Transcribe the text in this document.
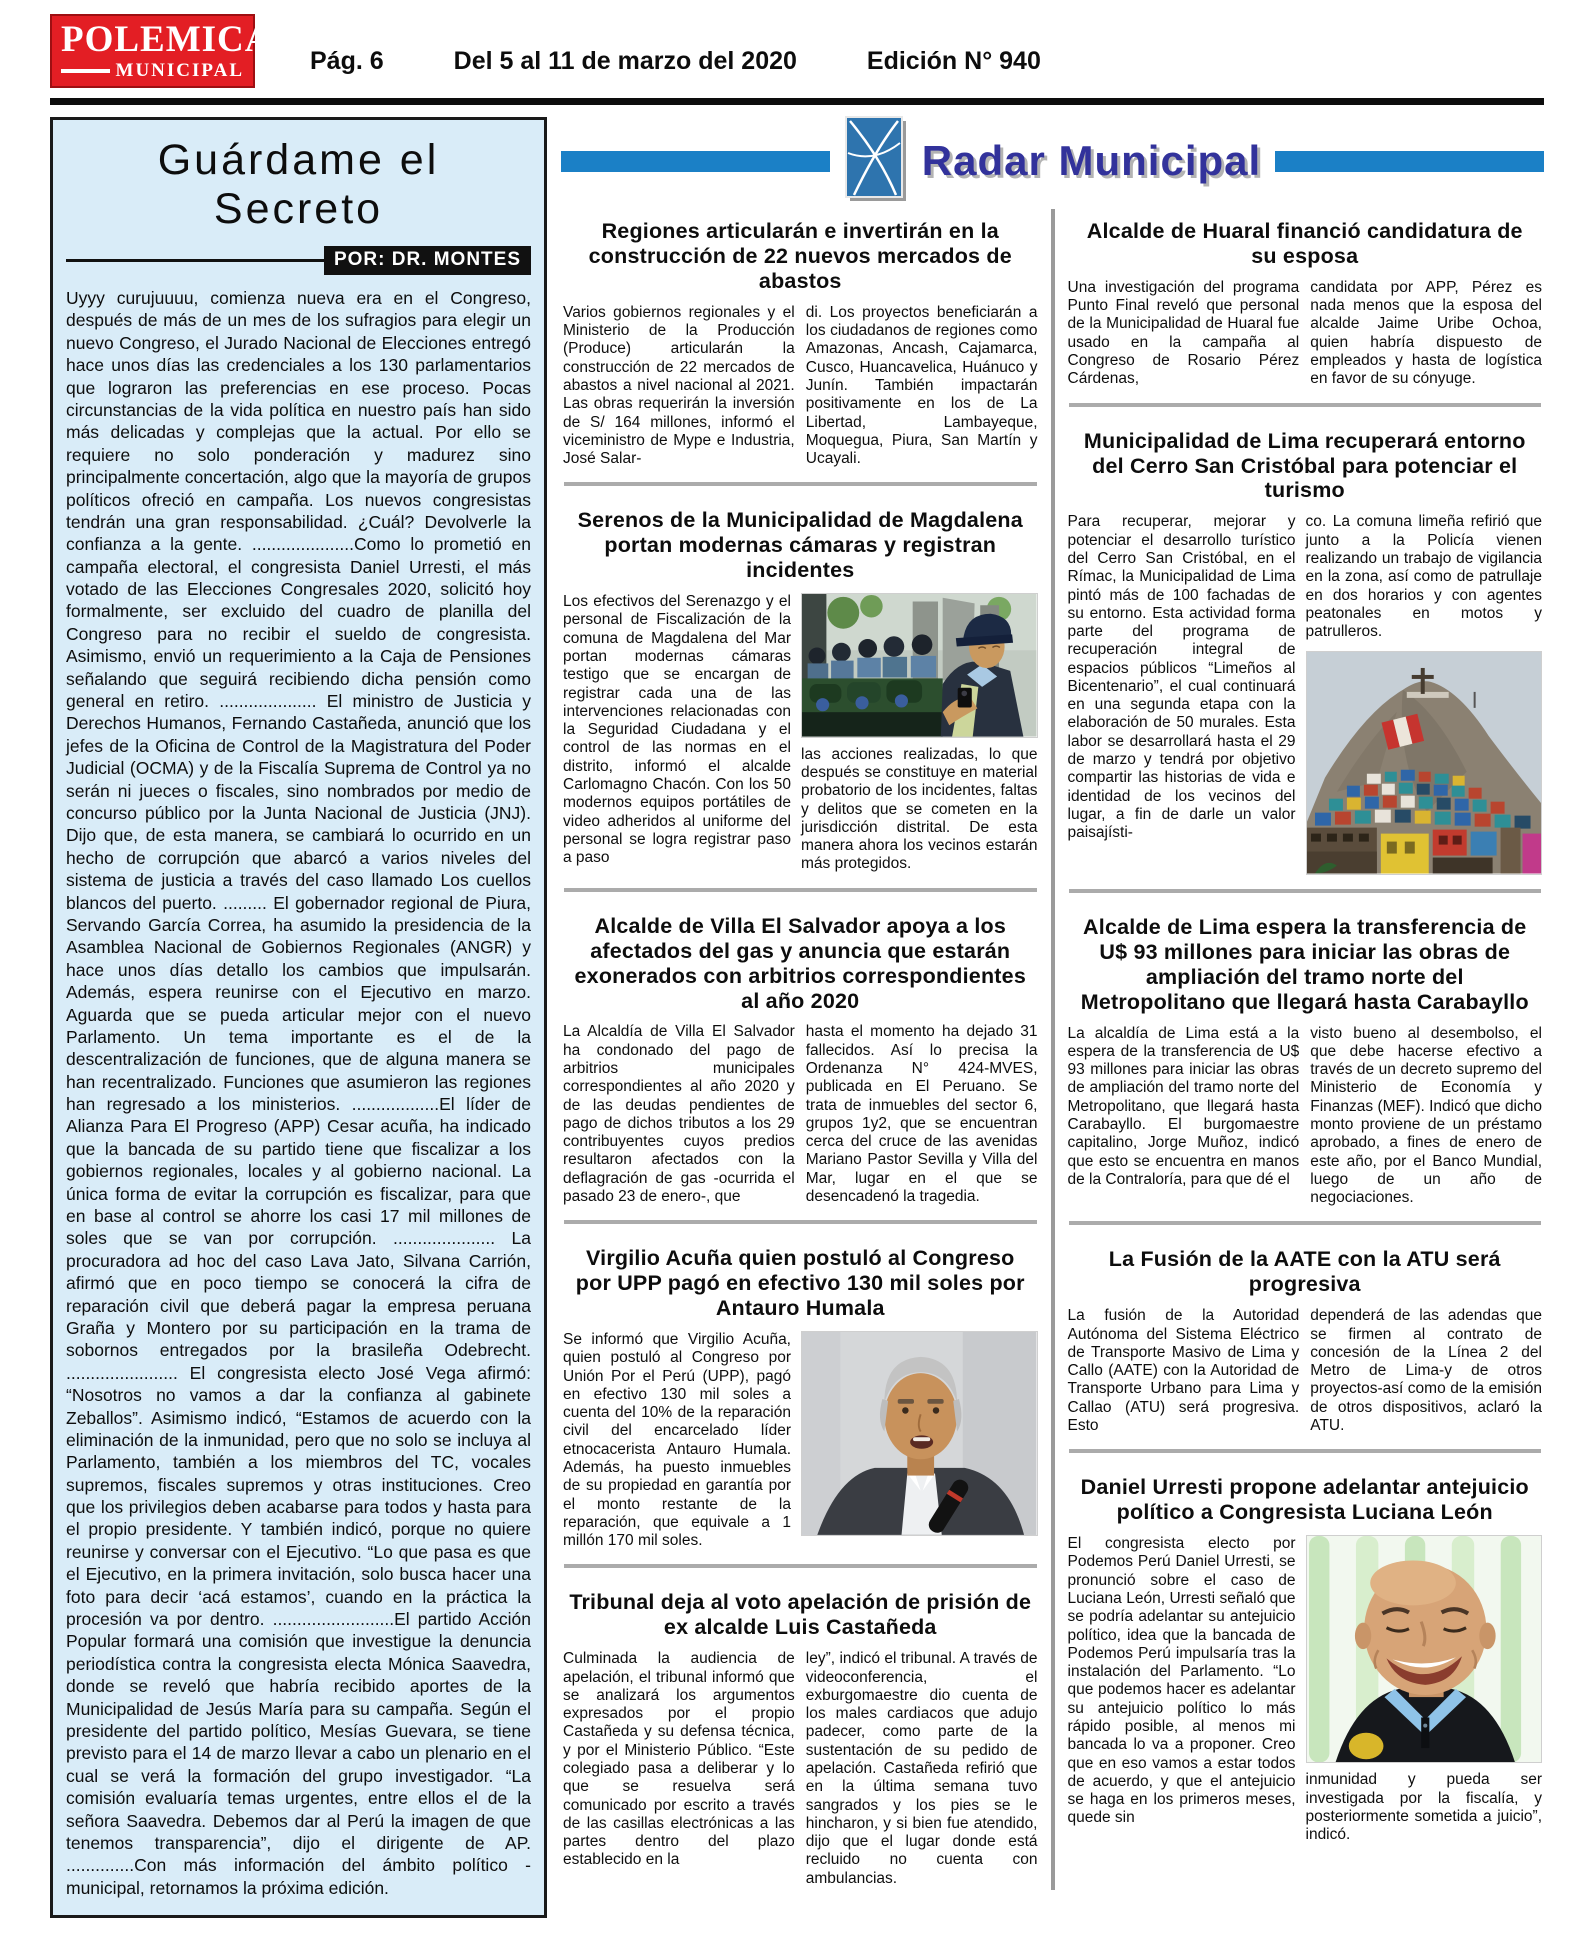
POLEMICA
MUNICIPAL	Pág. 6	Del 5 al 11 de marzo del 2020	Edición N° 940
Guárdame el Secreto
POR: DR. MONTES

Uyyy curujuuuu, comienza nueva era en el Congreso, después de más de un mes de los sufragios para elegir un nuevo Congreso, el Jurado Nacional de Elecciones entregó hace unos días las credenciales a los 130 parlamentarios que lograron las preferencias en ese proceso. Pocas circunstancias de la vida política en nuestro país han sido más delicadas y complejas que la actual. Por ello se requiere no solo ponderación y madurez sino principalmente concertación, algo que la mayoría de grupos políticos ofreció en campaña. Los nuevos congresistas tendrán una gran responsabilidad. ¿Cuál? Devolverle la confianza a la gente. .....................Como lo prometió en campaña electoral, el congresista Daniel Urresti, el más votado de las Elecciones Congresales 2020, solicitó hoy formalmente, ser excluido del cuadro de planilla del Congreso para no recibir el sueldo de congresista. Asimismo, envió un requerimiento a la Caja de Pensiones señalando que seguirá recibiendo dicha pensión como general en retiro. .................... El ministro de Justicia y Derechos Humanos, Fernando Castañeda, anunció que los jefes de la Oficina de Control de la Magistratura del Poder Judicial (OCMA) y de la Fiscalía Suprema de Control ya no serán ni jueces o fiscales, sino nombrados por medio de concurso público por la Junta Nacional de Justicia (JNJ). Dijo que, de esta manera, se cambiará lo ocurrido en un hecho de corrupción que abarcó a varios niveles del sistema de justicia a través del caso llamado Los cuellos blancos del puerto. ......... El gobernador regional de Piura, Servando García Correa, ha asumido la presidencia de la Asamblea Nacional de Gobiernos Regionales (ANGR) y hace unos días detallo los cambios que impulsarán. Además, espera reunirse con el Ejecutivo en marzo. Aguarda que se pueda articular mejor con el nuevo Parlamento. Un tema importante es el de la descentralización de funciones, que de alguna manera se han recentralizado. Funciones que asumieron las regiones han regresado a los ministerios. ..................El líder de Alianza Para El Progreso (APP) Cesar acuña, ha indicado que la bancada de su partido tiene que fiscalizar a los gobiernos regionales, locales y al gobierno nacional. La única forma de evitar la corrupción es fiscalizar, para que en base al control se ahorre los casi 17 mil millones de soles que se van por corrupción. ..................... La procuradora ad hoc del caso Lava Jato, Silvana Carrión, afirmó que en poco tiempo se conocerá la cifra de reparación civil que deberá pagar la empresa peruana Graña y Montero por su participación en la trama de sobornos entregados por la brasileña Odebrecht. ....................... El congresista electo José Vega afirmó: “Nosotros no vamos a dar la confianza al gabinete Zeballos”. Asimismo indicó, “Estamos de acuerdo con la eliminación de la inmunidad, pero que no solo se incluya al Parlamento, también a los miembros del TC, vocales supremos, fiscales supremos y otras instituciones. Creo que los privilegios deben acabarse para todos y hasta para el propio presidente. Y también indicó, porque no quiere reunirse y conversar con el Ejecutivo. “Lo que pasa es que el Ejecutivo, en la primera invitación, solo busca hacer una foto para decir ‘acá estamos’, cuando en la práctica la procesión va por dentro. .........................El partido Acción Popular formará una comisión que investigue la denuncia periodística contra la congresista electa Mónica Saavedra, donde se reveló que habría recibido aportes de la Municipalidad de Jesús María para su campaña. Según el presidente del partido político, Mesías Guevara, se tiene previsto para el 14 de marzo llevar a cabo un plenario en el cual se verá la formación del grupo investigador. “La comisión evaluaría temas urgentes, entre ellos el de la señora Saavedra. Debemos dar al Perú la imagen de que tenemos transparencia”, dijo el dirigente de AP. ..............Con más información del ámbito político - municipal, retornamos la próxima edición.

Radar Municipal
Regiones articularán e invertirán en la construcción de 22 nuevos mercados de abastos

Varios gobiernos regionales y el Ministerio de la Producción (Produce) articularán la construcción de 22 mercados de abastos a nivel nacional al 2021. Las obras requerirán la inversión de S/ 164 millones, informó el viceministro de Mype e Industria, José Salar-

di. Los proyectos beneficiarán a los ciudadanos de regiones como Amazonas, Ancash, Cajamarca, Cusco, Huancavelica, Huánuco y Junín. También impactarán positivamente en los de La Libertad, Lambayeque, Moquegua, Piura, San Martín y Ucayali.

Serenos de la Municipalidad de Magdalena portan modernas cámaras y registran incidentes

Los efectivos del Serenazgo y el personal de Fiscalización de la comuna de Magdalena del Mar portan modernas cámaras testigo que se encargan de registrar cada una de las intervenciones relacionadas con la Seguridad Ciudadana y el control de las normas en el distrito, informó el alcalde Carlomagno Chacón. Con los 50 modernos equipos portátiles de video adheridos al uniforme del personal se logra registrar paso a paso

las acciones realizadas, lo que después se constituye en material probatorio de los incidentes, faltas y delitos que se cometen en la jurisdicción distrital. De esta manera ahora los vecinos estarán más protegidos.

Alcalde de Villa El Salvador apoya a los afectados del gas y anuncia que estarán exonerados con arbitrios correspondientes al año 2020

La Alcaldía de Villa El Salvador ha condonado del pago de arbitrios municipales correspondientes al año 2020 y de las deudas pendientes de pago de dichos tributos a los 29 contribuyentes cuyos predios resultaron afectados con la deflagración de gas -ocurrida el pasado 23 de enero-, que

hasta el momento ha dejado 31 fallecidos. Así lo precisa la Ordenanza N° 424-MVES, publicada en El Peruano. Se trata de inmuebles del sector 6, grupos 1y2, que se encuentran cerca del cruce de las avenidas Mariano Pastor Sevilla y Villa del Mar, lugar en el que se desencadenó la tragedia.

Virgilio Acuña quien postuló al Congreso por UPP pagó en efectivo 130 mil soles por Antauro Humala

Se informó que Virgilio Acuña, quien postuló al Congreso por Unión Por el Perú (UPP), pagó en efectivo 130 mil soles a cuenta del 10% de la reparación civil del encarcelado líder etnocacerista Antauro Humala. Además, ha puesto inmuebles de su propiedad en garantía por el monto restante de la reparación, que equivale a 1 millón 170 mil soles.

Tribunal deja al voto apelación de prisión de ex alcalde Luis Castañeda

Culminada la audiencia de apelación, el tribunal informó que se analizará los argumentos expresados por el propio Castañeda y su defensa técnica, y por el Ministerio Público. “Este colegiado pasa a deliberar y lo que se resuelva será comunicado por escrito a través de las casillas electrónicas a las partes dentro del plazo establecido en la

ley”, indicó el tribunal. A través de videoconferencia, el exburgomaestre dio cuenta de los males cardiacos que adujo padecer, como parte de la sustentación de su pedido de apelación. Castañeda refirió que en la última semana tuvo sangrados y los pies se le hincharon, y si bien fue atendido, dijo que el lugar donde está recluido no cuenta con ambulancias.

Alcalde de Huaral financió candidatura de su esposa

Una investigación del programa Punto Final reveló que personal de la Municipalidad de Huaral fue usado en la campaña al Congreso de Rosario Pérez Cárdenas,

candidata por APP, Pérez es nada menos que la esposa del alcalde Jaime Uribe Ochoa, quien habría dispuesto de empleados y hasta de logística en favor de su cónyuge.

Municipalidad de Lima recuperará entorno del Cerro San Cristóbal para potenciar el turismo

Para recuperar, mejorar y potenciar el desarrollo turístico del Cerro San Cristóbal, en el Rímac, la Municipalidad de Lima pintó más de 100 fachadas de su entorno. Esta actividad forma parte del programa de recuperación integral de espacios públicos “Limeños al Bicentenario”, el cual continuará en una segunda etapa con la elaboración de 50 murales. Esta labor se desarrollará hasta el 29 de marzo y tendrá por objetivo compartir las historias de vida e identidad de los vecinos del lugar, a fin de darle un valor paisajísti-

co. La comuna limeña refirió que junto a la Policía vienen realizando un trabajo de vigilancia en la zona, así como de patrullaje en dos horarios y con agentes peatonales en motos y patrulleros.

Alcalde de Lima espera la transferencia de U$ 93 millones para iniciar las obras de ampliación del tramo norte del Metropolitano que llegará hasta Carabayllo

La alcaldía de Lima está a la espera de la transferencia de U$ 93 millones para iniciar las obras de ampliación del tramo norte del Metropolitano, que llegará hasta Carabayllo. El burgomaestre capitalino, Jorge Muñoz, indicó que esto se encuentra en manos de la Contraloría, para que dé el

visto bueno al desembolso, el que debe hacerse efectivo a través de un decreto supremo del Ministerio de Economía y Finanzas (MEF). Indicó que dicho monto proviene de un préstamo aprobado, a fines de enero de este año, por el Banco Mundial, luego de un año de negociaciones.

La Fusión de la AATE con la ATU será progresiva

La fusión de la Autoridad Autónoma del Sistema Eléctrico de Transporte Masivo de Lima y Callo (AATE) con la Autoridad de Transporte Urbano para Lima y Callao (ATU) será progresiva. Esto

dependerá de las adendas que se firmen al contrato de concesión de la Línea 2 del Metro de Lima-y de otros proyectos-así como de la emisión de otros dispositivos, aclaró la ATU.

Daniel Urresti propone adelantar antejuicio político a Congresista Luciana León

El congresista electo por Podemos Perú Daniel Urresti, se pronunció sobre el caso de Luciana León, Urresti señaló que se podría adelantar su antejuicio político, idea que la bancada de Podemos Perú impulsaría tras la instalación del Parlamento. “Lo que podemos hacer es adelantar su antejuicio político lo más rápido posible, al menos mi bancada lo va a proponer. Creo que en eso vamos a estar todos de acuerdo, y que el antejuicio se haga en los primeros meses, quede sin

inmunidad y pueda ser investigada por la fiscalía, y posteriormente sometida a juicio”, indicó.
